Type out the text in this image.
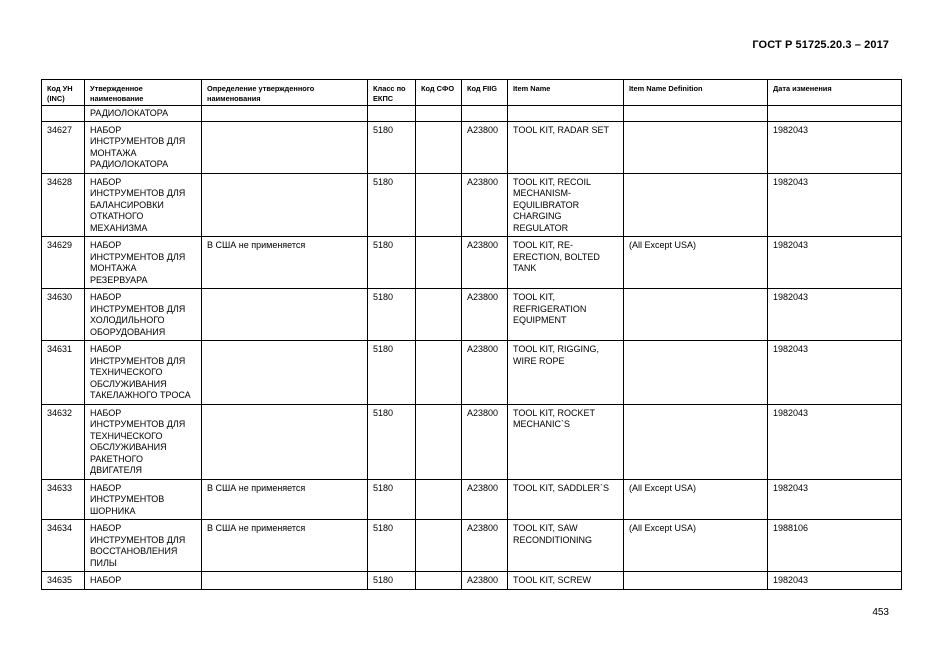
ГОСТ Р 51725.20.3 – 2017
Код УН (INC)	Утвержденное наименование	Определение утвержденного наименования	Класс по ЕКПС	Код СФО	Код FIIG	Item Name	Item Name Definition	Дата изменения
	РАДИОЛОКАТОРА							
34627	НАБОР ИНСТРУМЕНТОВ ДЛЯ МОНТАЖА РАДИОЛОКАТОРА		5180		A23800	TOOL KIT, RADAR SET		1982043
34628	НАБОР ИНСТРУМЕНТОВ ДЛЯ БАЛАНСИРОВКИ ОТКАТНОГО МЕХАНИЗМА		5180		A23800	TOOL KIT, RECOIL MECHANISM-EQUILIBRATOR CHARGING REGULATOR		1982043
34629	НАБОР ИНСТРУМЕНТОВ ДЛЯ МОНТАЖА РЕЗЕРВУАРА	В США не применяется	5180		A23800	TOOL KIT, RE-ERECTION, BOLTED TANK	(All Except USA)	1982043
34630	НАБОР ИНСТРУМЕНТОВ ДЛЯ ХОЛОДИЛЬНОГО ОБОРУДОВАНИЯ		5180		A23800	TOOL KIT, REFRIGERATION EQUIPMENT		1982043
34631	НАБОР ИНСТРУМЕНТОВ ДЛЯ ТЕХНИЧЕСКОГО ОБСЛУЖИВАНИЯ ТАКЕЛАЖНОГО ТРОСА		5180		A23800	TOOL KIT, RIGGING, WIRE ROPE		1982043
34632	НАБОР ИНСТРУМЕНТОВ ДЛЯ ТЕХНИЧЕСКОГО ОБСЛУЖИВАНИЯ РАКЕТНОГО ДВИГАТЕЛЯ		5180		A23800	TOOL KIT, ROCKET MECHANIC`S		1982043
34633	НАБОР ИНСТРУМЕНТОВ ШОРНИКА	В США не применяется	5180		A23800	TOOL KIT, SADDLER`S	(All Except USA)	1982043
34634	НАБОР ИНСТРУМЕНТОВ ДЛЯ ВОССТАНОВЛЕНИЯ ПИЛЫ	В США не применяется	5180		A23800	TOOL KIT, SAW RECONDITIONING	(All Except USA)	1988106
34635	НАБОР		5180		A23800	TOOL KIT, SCREW		1982043
453
